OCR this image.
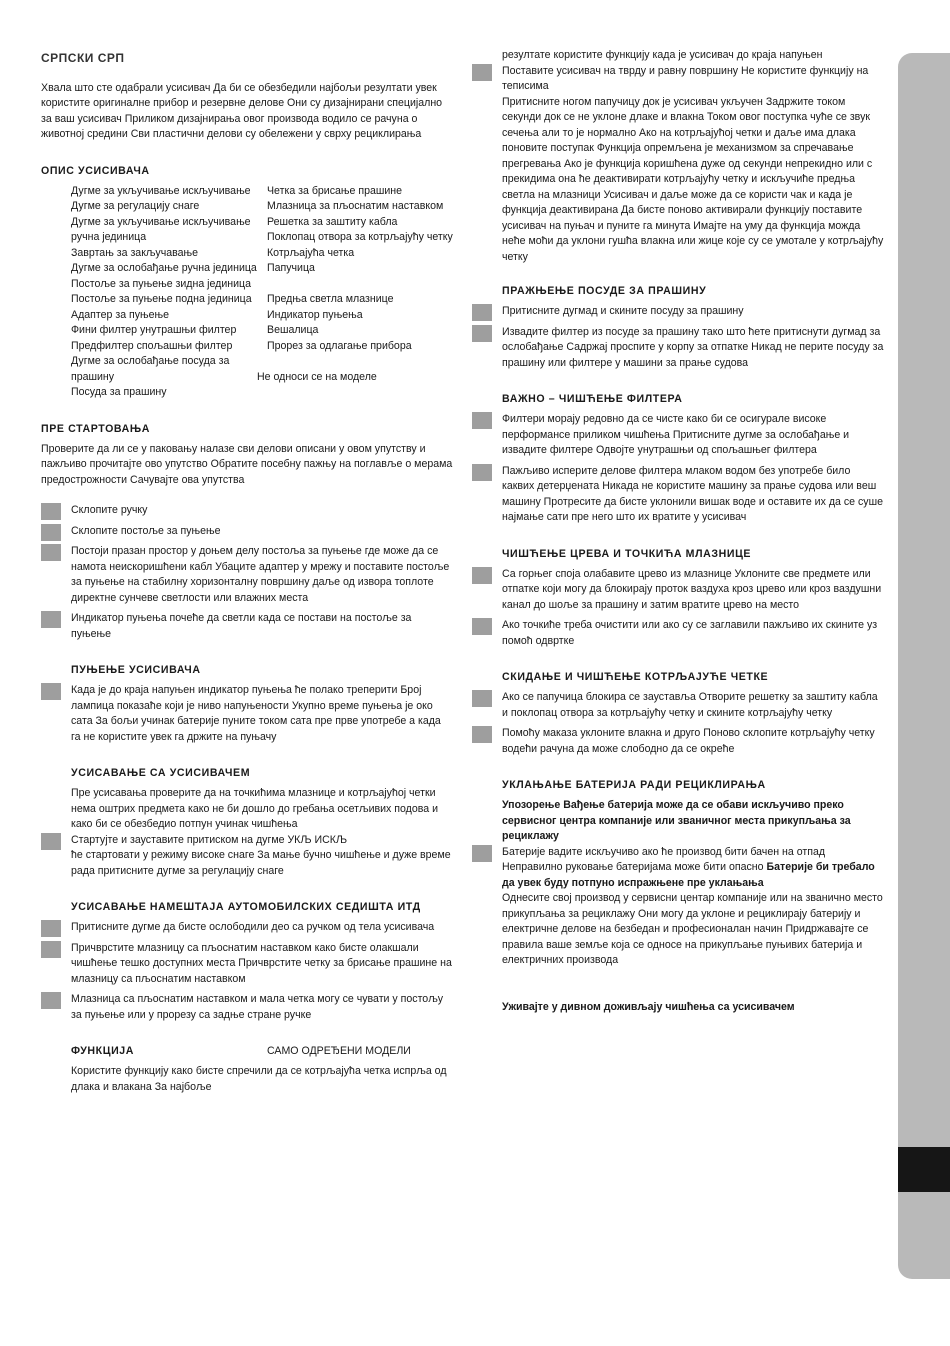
СРПСКИ СРП

Хвала што сте одабрали усисивач Да би се обезбедили најбољи резултати увек користите оригиналнe прибор и резервне делове Они су дизајнирани специјално за ваш усисивач Приликом дизајнирања овог производа водило се рачуна о животној средини Сви пластични делови су обележени у сврху рециклирања

ОПИС УСИСИВАЧА

Дугме за укључивање искључивање

Дугме за регулацију снаге

Дугме за укључивање искључивање ручна јединица

Завртањ за закључавање

Дугме за ослобађање ручна јединица

Постоље за пуњење зидна јединица

Постоље за пуњење подна јединица

Адаптер за пуњење

Фини филтер унутрашњи филтер

Предфилтер спољашњи филтер

Дугме за ослобађање посуда за прашину

Посуда за прашину

Четка за брисање прашине

Млазница за пљоснатим наставком

Решетка за заштиту кабла

Поклопац отвора за котрљајућу четку

Котрљајућа четка

Папучица

Предња светла млазнице

Индикатор пуњења

Вешалица

Прорез за одлагање прибора

Не односи се на моделе

ПРЕ СТАРТОВАЊА

Проверите да ли се у паковању налазе сви делови описани у овом упутству и пажљиво прочитајте ово упутство Обратите посебну пажњу на поглавље о мерама предострожности Сачувајте ова упутства

Склопите ручку

Склопите постоље за пуњење

Постоји празан простор у доњем делу постоља за пуњење где може да се намота неискоришћени кабл Убаците адаптер у мрежу и поставите постоље за пуњење на стабилну хоризонталну површину даље од извора топлоте директне сунчеве светлости или влажних места

Индикатор пуњења почеће да светли када се постави на постоље за пуњење

ПУЊЕЊЕ УСИСИВАЧА

Када је до краја напуњен индикатор пуњења ће полако треперити Број лампица показаће који је ниво напуњености Укупно време пуњења је око сата За бољи учинак батерије пуните током сата пре прве употребе а када га не користите увек га држите на пуњачу

УСИСАВАЊЕ СА УСИСИВАЧЕМ

Пре усисавања проверите да на точкићима млазнице и котрљајућој четки нема оштрих предмета како не би дошло до гребања осетљивих подова и како би се обезбедио потпун учинак чишћења

Стартујте и зауставите притиском на дугме УКЉ ИСКЉ

ће стартовати у режиму високе снаге За мање бучно чишћење и дуже време рада притисните дугме за регулацију снаге

УСИСАВАЊЕ НАМЕШТАЈА АУТОМОБИЛСКИХ СЕДИШТА ИТД

Притисните дугме да бисте ослободили део са ручком од тела усисивача

Причврстите млазницу са пљоснатим наставком како бисте олакшали чишћење тешко доступних места Причврстите четку за брисање прашине на млазницу са пљоснатим наставком

Млазница са пљоснатим наставком и мала четка могу се чувати у постољу за пуњење или у прорезу са задње стране ручке

ФУНКЦИЈА	САМО ОДРЕЂЕНИ МОДЕЛИ

Користите функцију како бисте спречили да се котрљајућа четка испрља од длака и влакана За најбоље

резултате користите функцију када је усисивач до краја напуњен

Поставите усисивач на тврду и равну површину Не користите функцију на теписима

Притисните ногом папучицу док је усисивач укључен Задржите током секунди док се не уклоне длаке и влакна Током овог поступка чуће се звук сечења али то је нормално Ако на котрљајућој четки и даље има длака поновите поступак Функција опремљена је механизмом за спречавање прегревања Ако је функција коришћена дуже од секунди непрекидно или с прекидима она ће деактивирати котрљајућу четку и искључиће предња светла на млазници Усисивач и даље може да се користи чак и када је функција деактивирана Да бисте поново активирали функцију поставите усисивач на пуњач и пуните га минута Имајте на уму да функција можда неће моћи да уклони гушћа влакна или жице које су се умотале у котрљајућу четку

ПРАЖЊЕЊЕ ПОСУДЕ ЗА ПРАШИНУ

Притисните дугмад и скините посуду за прашину

Извадите филтер из посуде за прашину тако што ћете притиснути дугмад за ослобађање Садржај проспите у корпу за отпатке Никад не перите посуду за прашину или филтере у машини за прање судова

ВАЖНО – ЧИШЋЕЊЕ ФИЛТЕРА

Филтери морају редовно да се чисте како би се осигурале високе перформансе приликом чишћења Притисните дугме за ослобађање и извадите филтере Одвојте унутрашњи од спољашњег филтера

Пажљиво исперите делове филтера млаком водом без употребе било каквих детерџената Никада не користите машину за прање судова или веш машину Протресите да бисте уклонили вишак воде и оставите их да се суше најмање сати пре него што их вратите у усисивач

ЧИШЋЕЊЕ ЦРЕВА И ТОЧКИЋА МЛАЗНИЦЕ

Са горњег споја олабавите црево из млазнице Уклоните све предмете или отпатке који могу да блокирају проток ваздуха кроз црево или кроз ваздушни канал до шоље за прашину и затим вратите црево на место

Ако точкиће треба очистити или ако су се заглавили пажљиво их скините уз помоћ одвртке

СКИДАЊЕ И ЧИШЋЕЊЕ КОТРЉАЈУЋЕ ЧЕТКЕ

Ако се папучица блокира се зауставља Отворите решетку за заштиту кабла и поклопац отвора за котрљајућу четку и скините котрљајућу четку

Помоћу маказа уклоните влакна и друго Поново склопите котрљајућу четку водећи рачуна да може слободно да се окреће

УКЛАЊАЊЕ БАТЕРИЈА РАДИ РЕЦИКЛИРАЊА

Упозорење Вађење батерија може да се обави искључиво преко сервисног центра компаније или званичног места прикупљања за рециклажу

Батерије вадите искључиво ако ће производ бити бачен на отпад Неправилно руковање батеријама може бити опасно Батерије би требало да увек буду потпуно испражњене пре уклањања

Однесите свој производ у сервисни центар компаније или на званично место прикупљања за рециклажу Они могу да уклоне и рециклирају батерију и електричне делове на безбедан и професионалан начин Придржавајте се правила ваше земље која се односе на прикупљање пуњивих батерија и електричних производа

Уживајте у дивном доживљају чишћења са усисивачем
